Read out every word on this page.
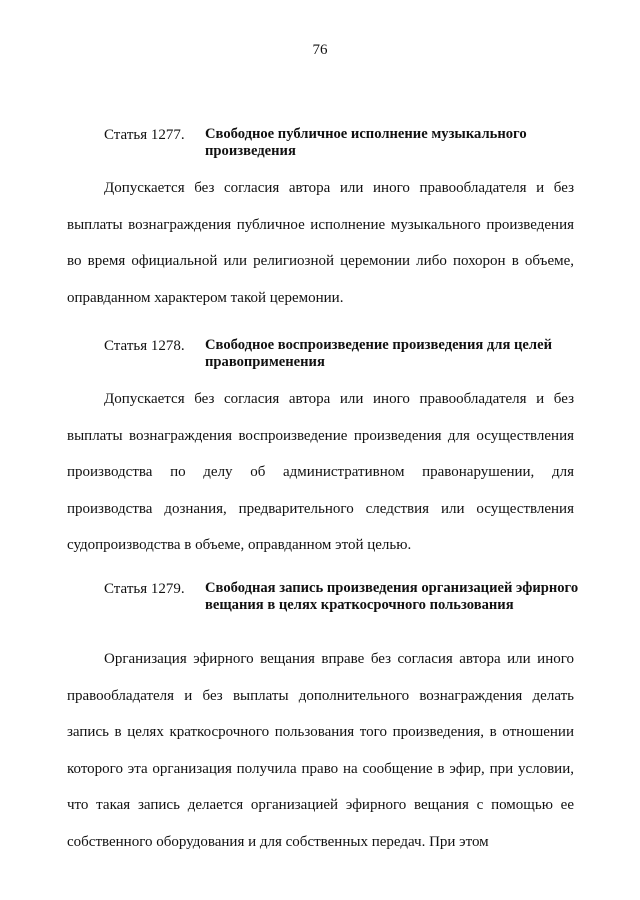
76
Статья 1277. Свободное публичное исполнение музыкального произведения

Допускается без согласия автора или иного правообладателя и без выплаты вознаграждения публичное исполнение музыкального произведения во время официальной или религиозной церемонии либо похорон в объеме, оправданном характером такой церемонии.

Статья 1278. Свободное воспроизведение произведения для целей правоприменения

Допускается без согласия автора или иного правообладателя и без выплаты вознаграждения воспроизведение произведения для осуществления производства по делу об административном правонарушении, для производства дознания, предварительного следствия или осуществления судопроизводства в объеме, оправданном этой целью.

Статья 1279. Свободная запись произведения организацией эфирного вещания в целях краткосрочного пользования

Организация эфирного вещания вправе без согласия автора или иного правообладателя и без выплаты дополнительного вознаграждения делать запись в целях краткосрочного пользования того произведения, в отношении которого эта организация получила право на сообщение в эфир, при условии, что такая запись делается организацией эфирного вещания с помощью ее собственного оборудования и для собственных передач. При этом
